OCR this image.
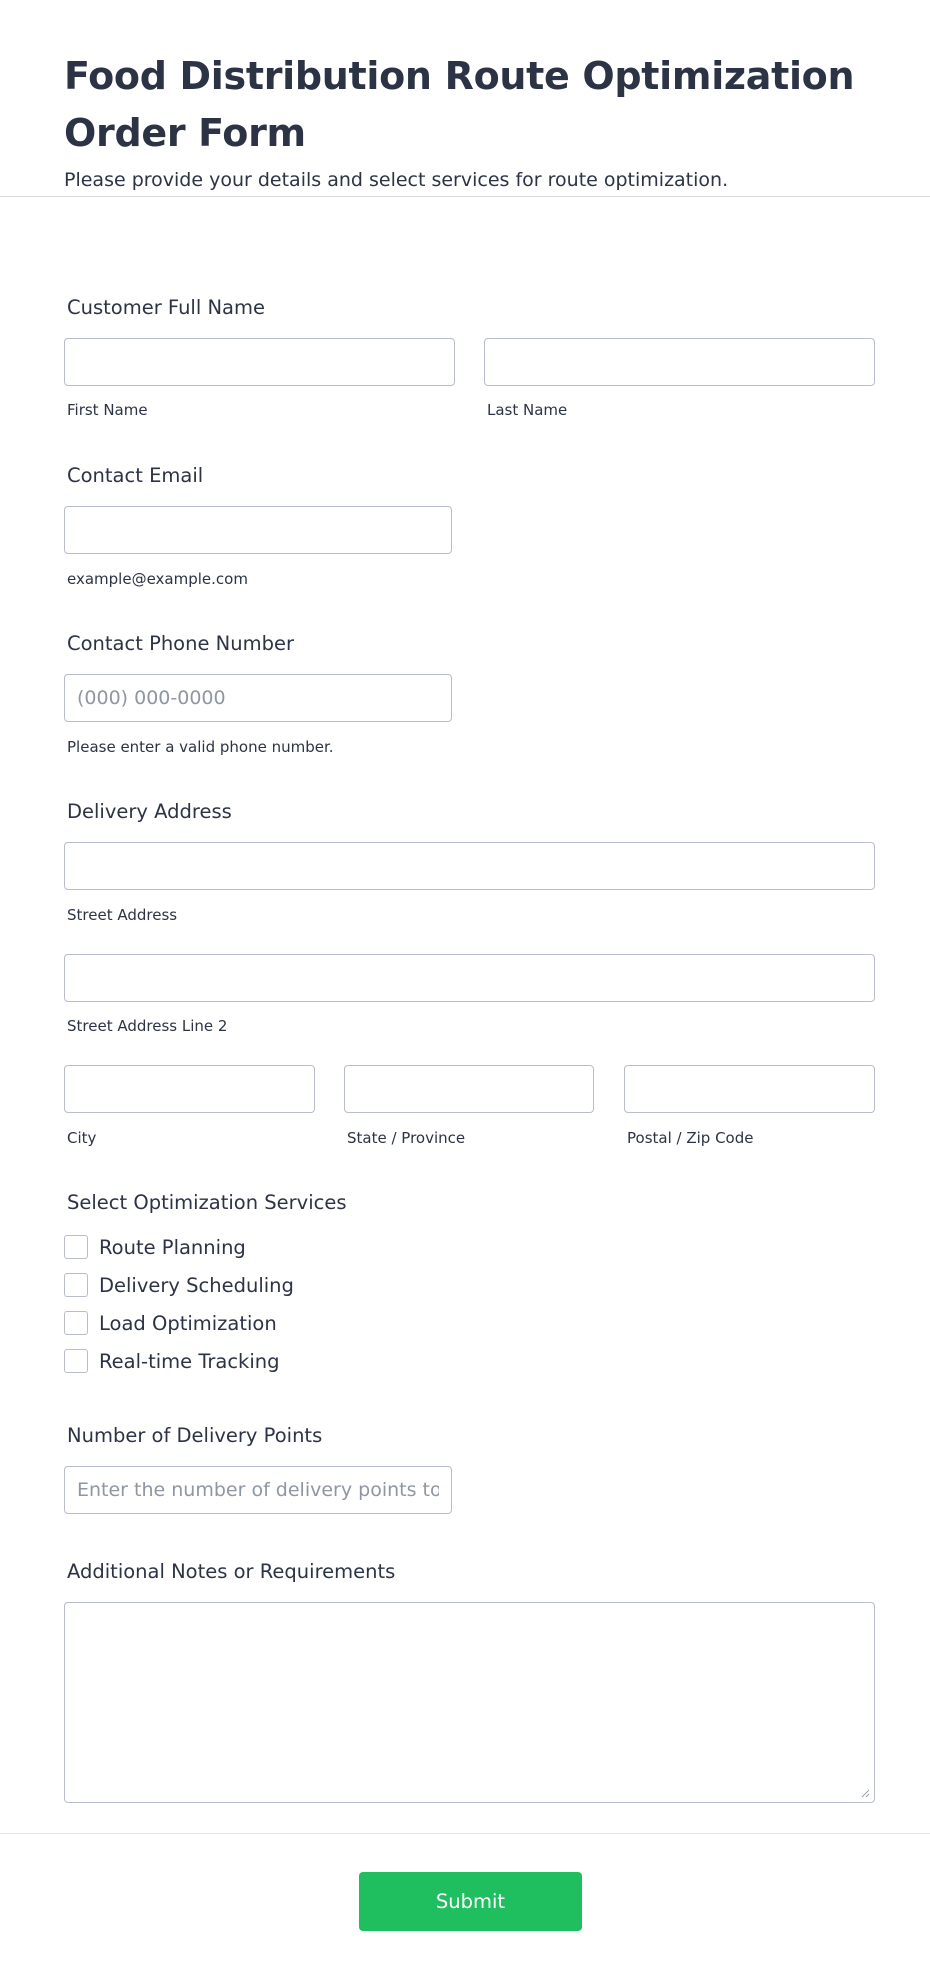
Food Distribution Route Optimization Order Form

Please provide your details and select services for route optimization.

Customer Full Name
First Name	Last Name
Contact Email
example@example.com
Contact Phone Number
(000) 000-0000
Please enter a valid phone number.
Delivery Address
Street Address
Street Address Line 2
City	State / Province	Postal / Zip Code
Select Optimization Services
Route Planning
Delivery Scheduling
Load Optimization
Real-time Tracking
Number of Delivery Points
Enter the number of delivery points to optimize
Additional Notes or Requirements
Submit
